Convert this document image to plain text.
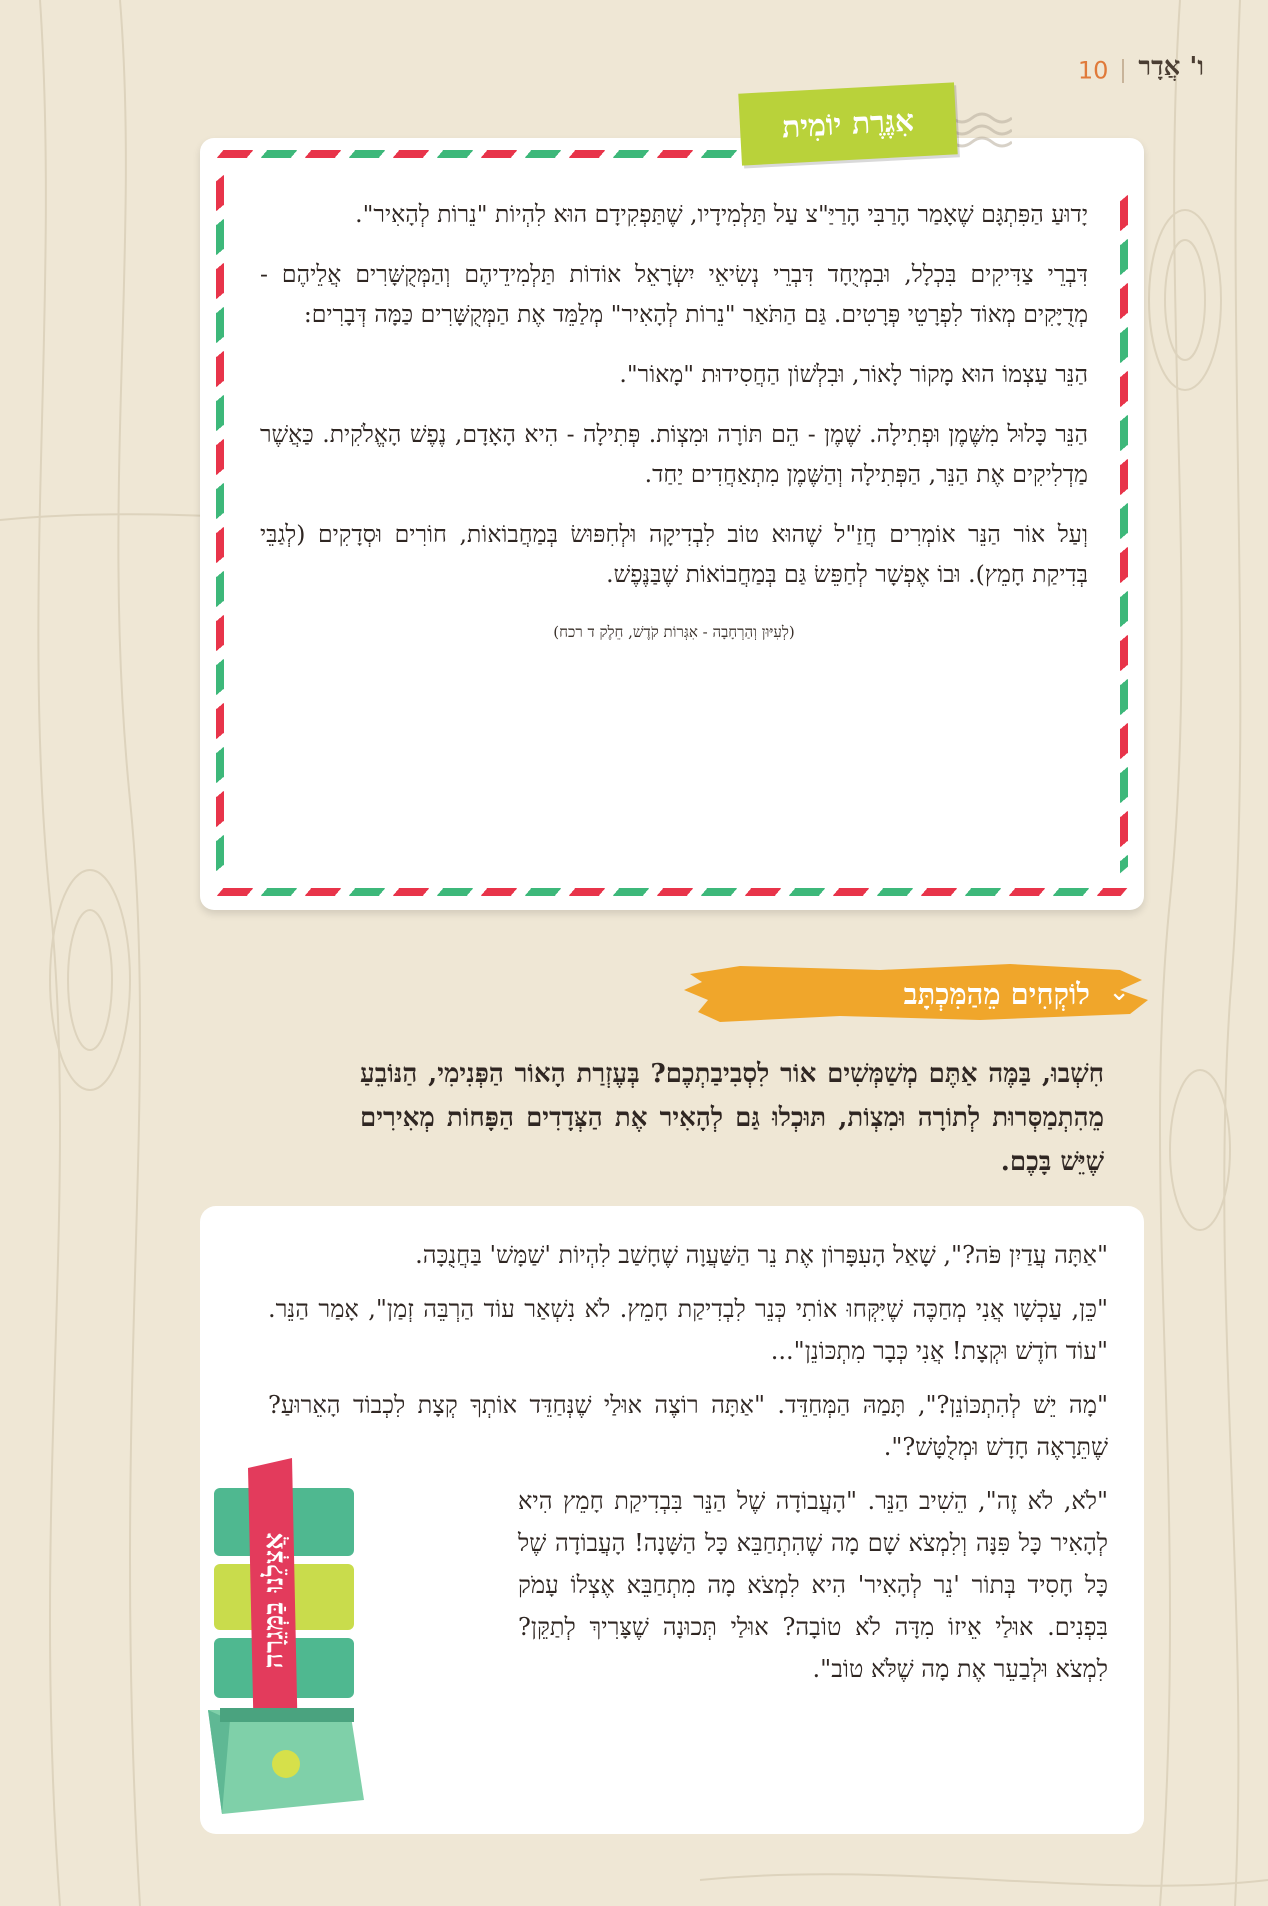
ו' אֲדָר10

יָדוּעַ הַפִּתְגָּם שֶׁאָמַר הָרַבִּי הָרַיַּ"צ עַל תַּלְמִידָיו, שֶׁתַּפְקִידָם הוּא לִהְיוֹת "נֵרוֹת לְהָאִיר".

דִּבְרֵי צַדִּיקִים בִּכְלָל, וּבִמְיֻחָד דִּבְרֵי נְשִׂיאֵי יִשְׂרָאֵל אוֹדוֹת תַּלְמִידֵיהֶם וְהַמְּקֻשָּׁרִים אֲלֵיהֶם - מְדֻיָּקִים מְאוֹד לִפְרָטֵי פְּרָטִים. גַּם הַתֹּאַר "נֵרוֹת לְהָאִיר" מְלַמֵּד אֶת הַמְּקֻשָּׁרִים כַּמָּה דְּבָרִים:

הַנֵּר עַצְמוֹ הוּא מָקוֹר לָאוֹר, וּבִלְשׁוֹן הַחֲסִידוּת "מָאוֹר".

הַנֵּר כָּלוּל מִשֶּׁמֶן וּפְתִילָה. שֶׁמֶן - הֵם תּוֹרָה וּמִצְוֹת. פְּתִילָה - הִיא הָאָדָם, נֶפֶשׁ הָאֱלֹקִית. כַּאֲשֶׁר מַדְלִיקִים אֶת הַנֵּר, הַפְּתִילָה וְהַשֶּׁמֶן מִתְאַחֲדִים יַחַד.

וְעַל אוֹר הַנֵּר אוֹמְרִים חֲזַ"ל שֶׁהוּא טוֹב לִבְדִיקָה וּלְחִפּוּשׂ בְּמַחֲבוֹאוֹת, חוֹרִים וּסְדָקִים (לְגַבֵּי בְּדִיקַת חָמֵץ). וּבוֹ אֶפְשָׁר לְחַפֵּשׂ גַּם בְּמַחֲבוֹאוֹת שֶׁבַּנֶּפֶשׁ.

(לְעִיּוּן וְהַרְחָבָה - אִגְּרוֹת קֹדֶשׁ, חֵלֶק ד רכח)

אִגֶּרֶת יוֹמִית
לוֹקְחִים מֵהַמִּכְתָּב ⌄
חִשְׁבוּ, בַּמֶּה אַתֶּם מְשַׁמְּשִׁים אוֹר לִסְבִיבַתְכֶם? בְּעֶזְרַת הָאוֹר הַפְּנִימִי, הַנּוֹבֵעַ מֵהִתְמַסְּרוּת לְתוֹרָה וּמִצְוֹת, תּוּכְלוּ גַּם לְהָאִיר אֶת הַצְּדָדִים הַפָּחוֹת מְאִירִים שֶׁיֵּשׁ בָּכֶם.

"אַתָּה עֲדַיִן פֹּה?", שָׁאַל הָעִפָּרוֹן אֶת נֵר הַשַּׁעֲוָה שֶׁחָשַׁב לִהְיוֹת 'שַׁמָּשׁ' בַּחֲנֻכָּה.

"כֵּן, עַכְשָׁו אֲנִי מְחַכֶּה שֶׁיִּקְּחוּ אוֹתִי כְּנֵר לִבְדִיקַת חָמֵץ. לֹא נִשְׁאַר עוֹד הַרְבֵּה זְמַן", אָמַר הַנֵּר. "עוֹד חֹדֶשׁ וּקְצָת! אֲנִי כְּבָר מִתְכּוֹנֵן"...

"מָה יֵשׁ לְהִתְכּוֹנֵן?", תָּמַהּ הַמְּחַדֵּד. "אַתָּה רוֹצֶה אוּלַי שֶׁנְּחַדֵּד אוֹתְךָ קְצָת לִכְבוֹד הָאֵרוּעַ? שֶׁתֵּרָאֶה חָדָשׁ וּמְלֻטָּשׁ?".

"לֹא, לֹא זֶה", הֵשִׁיב הַנֵּר. "הָעֲבוֹדָה שֶׁל הַנֵּר בִּבְדִיקַת חָמֵץ הִיא לְהָאִיר כָּל פִּנָּה וְלִמְצֹא שָׁם מָה שֶׁהִתְחַבֵּא כָּל הַשָּׁנָה! הָעֲבוֹדָה שֶׁל כָּל חָסִיד בְּתוֹר 'נֵר לְהָאִיר' הִיא לִמְצֹא מָה מִתְחַבֵּא אֶצְלוֹ עָמֹק בִּפְנִים. אוּלַי אֵיזוֹ מִדָּה לֹא טוֹבָה? אוּלַי תְּכוּנָה שֶׁצָּרִיךְ לְתַקֵּן? לִמְצֹא וּלְבַעֵר אֶת מָה שֶׁלֹּא טוֹב".

אֲצְלֵנוּ בַּמְּגֵרָה
